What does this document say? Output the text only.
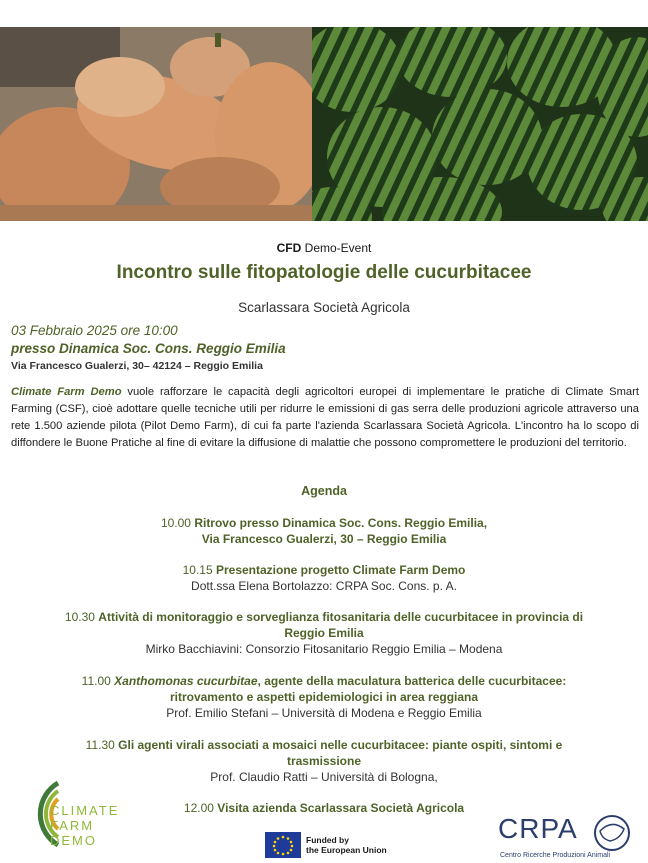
CFD Demo-Event
Incontro sulle fitopatologie delle cucurbitacee
Scarlassara Società Agricola
03 Febbraio 2025 ore 10:00
presso Dinamica Soc. Cons. Reggio Emilia
Via Francesco Gualerzi, 30– 42124 – Reggio Emilia
Climate Farm Demo vuole rafforzare le capacità degli agricoltori europei di implementare le pratiche di Climate Smart Farming (CSF), cioè adottare quelle tecniche utili per ridurre le emissioni di gas serra delle produzioni agricole attraverso una rete 1.500 aziende pilota (Pilot Demo Farm), di cui fa parte l'azienda Scarlassara Società Agricola. L'incontro ha lo scopo di diffondere le Buone Pratiche al fine di evitare la diffusione di malattie che possono compromettere le produzioni del territorio.
Agenda
10.00 Ritrovo presso Dinamica Soc. Cons. Reggio Emilia,
Via Francesco Gualerzi, 30 – Reggio Emilia
10.15 Presentazione progetto Climate Farm Demo
Dott.ssa Elena Bortolazzo: CRPA Soc. Cons. p. A.
10.30 Attività di monitoraggio e sorveglianza fitosanitaria delle cucurbitacee in provincia di
Reggio Emilia
Mirko Bacchiavini: Consorzio Fitosanitario Reggio Emilia – Modena
11.00 Xanthomonas cucurbitae, agente della maculatura batterica delle cucurbitacee:
ritrovamento e aspetti epidemiologici in area reggiana
Prof. Emilio Stefani – Università di Modena e Reggio Emilia
11.30 Gli agenti virali associati a mosaici nelle cucurbitacee: piante ospiti, sintomi e
trasmissione
Prof. Claudio Ratti – Università di Bologna,
12.00 Visita azienda Scarlassara Società Agricola
CLIMATE
FARM
DEMO	Funded by
the European Union
CRPA
Centro Ricerche Produzioni Animali
